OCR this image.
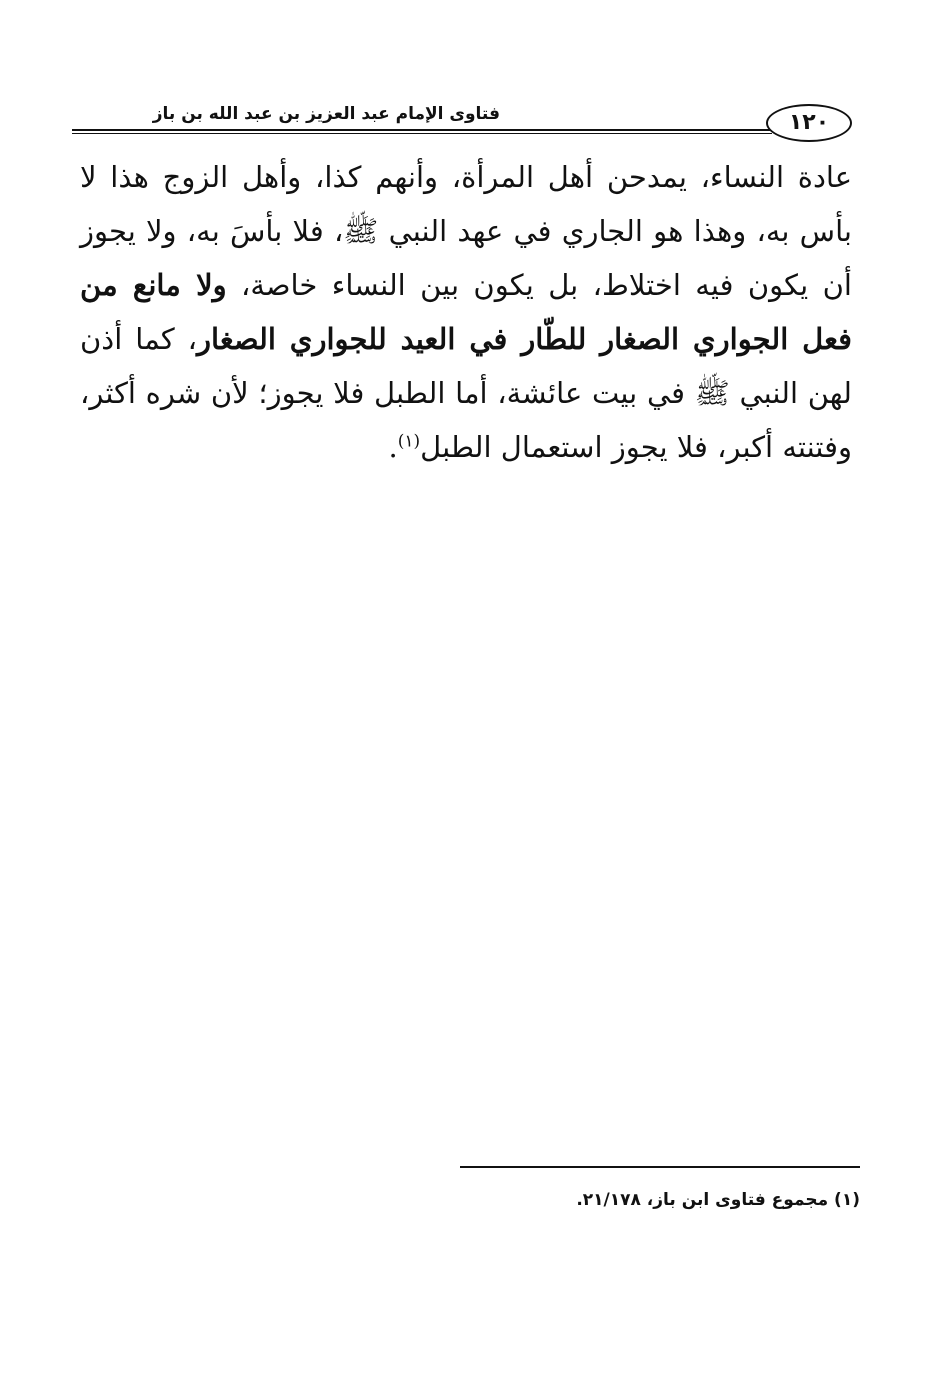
فتاوى الإمام عبد العزيز بن عبد الله بن باز	١٢٠

عادة النساء، يمدحن أهل المرأة، وأنهم كذا، وأهل الزوج هذا لا بأس به، وهذا هو الجاري في عهد النبي ﷺ، فلا بأسَ به، ولا يجوز أن يكون فيه اختلاط، بل يكون بين النساء خاصة، ولا مانع من فعل الجواري الصغار للطّار في العيد للجواري الصغار، كما أذن لهن النبي ﷺ في بيت عائشة، أما الطبل فلا يجوز؛ لأن شره أكثر، وفتنته أكبر، فلا يجوز استعمال الطبل$^{(١)}$.

(١) مجموع فتاوى ابن باز، ٢١/١٧٨.
